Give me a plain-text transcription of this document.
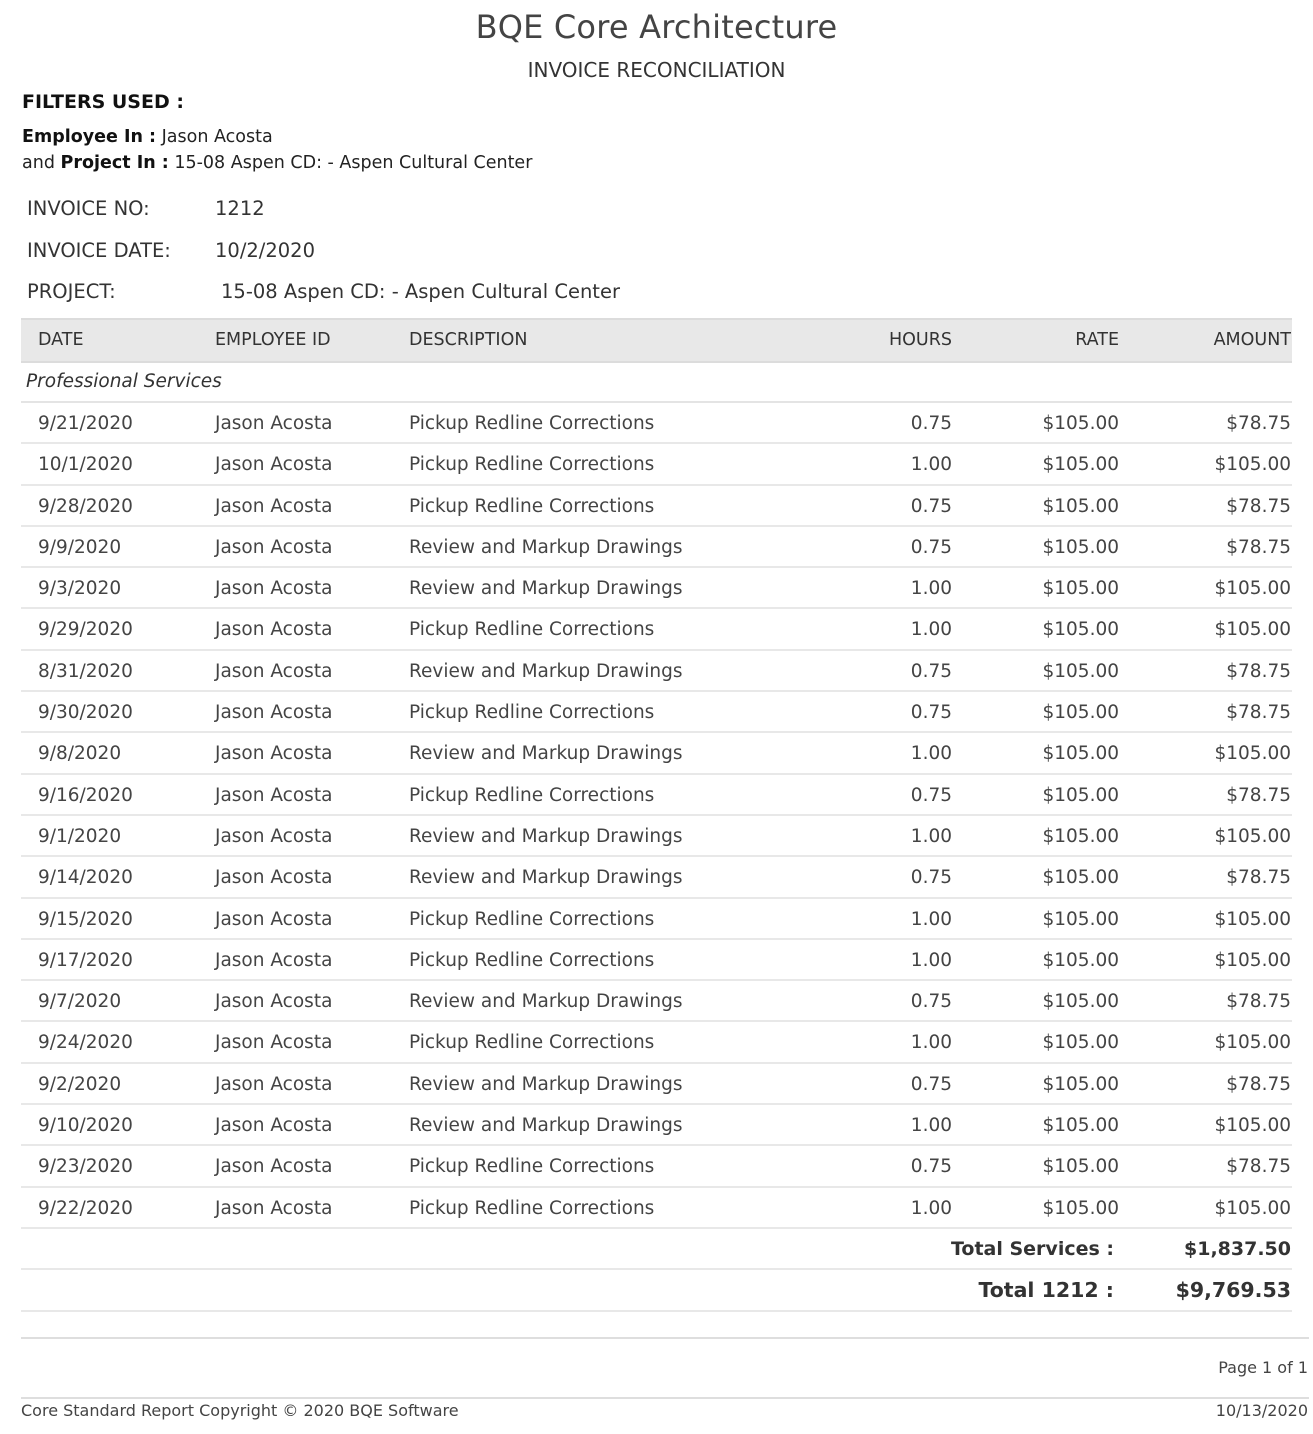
BQE Core Architecture
INVOICE RECONCILIATION
FILTERS USED :
Employee In : Jason Acosta
and Project In : 15-08 Aspen CD: - Aspen Cultural Center
INVOICE NO:	1212
INVOICE DATE: 10/2/2020
PROJECT:	15-08 Aspen CD: - Aspen Cultural Center
DATE	EMPLOYEE ID	DESCRIPTION	HOURS	RATE	AMOUNT
Professional Services
9/21/2020	Jason Acosta	Pickup Redline Corrections	0.75	$105.00	$78.75
10/1/2020	Jason Acosta	Pickup Redline Corrections	1.00	$105.00	$105.00
9/28/2020	Jason Acosta	Pickup Redline Corrections	0.75	$105.00	$78.75
9/9/2020	Jason Acosta	Review and Markup Drawings	0.75	$105.00	$78.75
9/3/2020	Jason Acosta	Review and Markup Drawings	1.00	$105.00	$105.00
9/29/2020	Jason Acosta	Pickup Redline Corrections	1.00	$105.00	$105.00
8/31/2020	Jason Acosta	Review and Markup Drawings	0.75	$105.00	$78.75
9/30/2020	Jason Acosta	Pickup Redline Corrections	0.75	$105.00	$78.75
9/8/2020	Jason Acosta	Review and Markup Drawings	1.00	$105.00	$105.00
9/16/2020	Jason Acosta	Pickup Redline Corrections	0.75	$105.00	$78.75
9/1/2020	Jason Acosta	Review and Markup Drawings	1.00	$105.00	$105.00
9/14/2020	Jason Acosta	Review and Markup Drawings	0.75	$105.00	$78.75
9/15/2020	Jason Acosta	Pickup Redline Corrections	1.00	$105.00	$105.00
9/17/2020	Jason Acosta	Pickup Redline Corrections	1.00	$105.00	$105.00
9/7/2020	Jason Acosta	Review and Markup Drawings	0.75	$105.00	$78.75
9/24/2020	Jason Acosta	Pickup Redline Corrections	1.00	$105.00	$105.00
9/2/2020	Jason Acosta	Review and Markup Drawings	0.75	$105.00	$78.75
9/10/2020	Jason Acosta	Review and Markup Drawings	1.00	$105.00	$105.00
9/23/2020	Jason Acosta	Pickup Redline Corrections	0.75	$105.00	$78.75
9/22/2020	Jason Acosta	Pickup Redline Corrections	1.00	$105.00	$105.00
Total Services :	$1,837.50
Total 1212 :	$9,769.53
Page 1 of 1
Core Standard Report Copyright © 2020 BQE Software	10/13/2020
